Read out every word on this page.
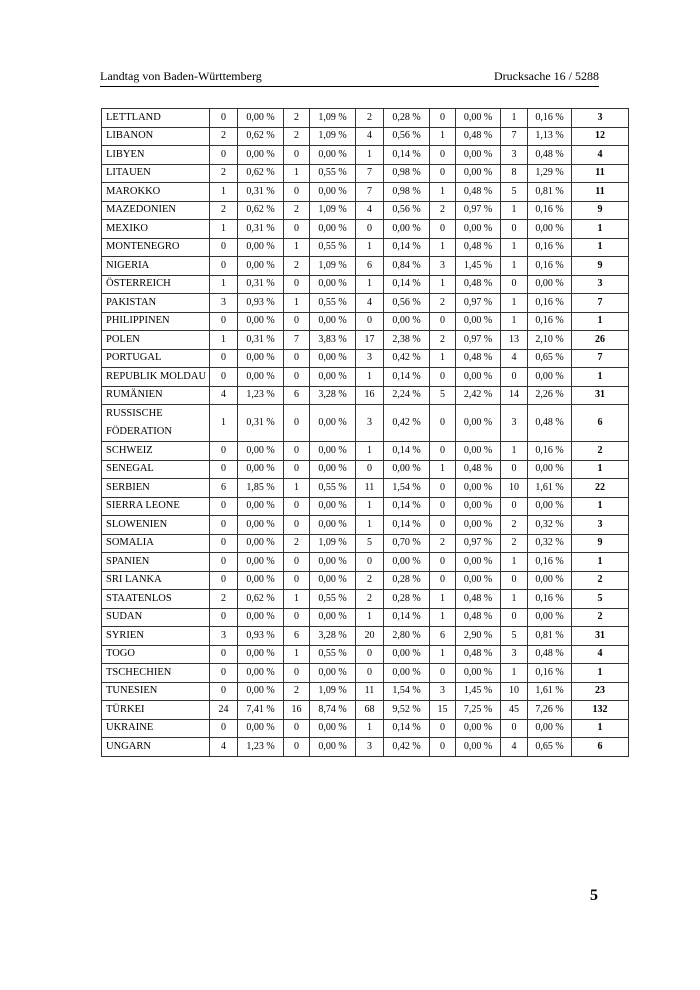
Landtag von Baden-Württemberg	Drucksache 16 / 5288
LETTLAND	0	0,00 %	2	1,09 %	2	0,28 %	0	0,00 %	1	0,16 %	3
LIBANON	2	0,62 %	2	1,09 %	4	0,56 %	1	0,48 %	7	1,13 %	12
LIBYEN	0	0,00 %	0	0,00 %	1	0,14 %	0	0,00 %	3	0,48 %	4
LITAUEN	2	0,62 %	1	0,55 %	7	0,98 %	0	0,00 %	8	1,29 %	11
MAROKKO	1	0,31 %	0	0,00 %	7	0,98 %	1	0,48 %	5	0,81 %	11
MAZEDONIEN	2	0,62 %	2	1,09 %	4	0,56 %	2	0,97 %	1	0,16 %	9
MEXIKO	1	0,31 %	0	0,00 %	0	0,00 %	0	0,00 %	0	0,00 %	1
MONTENEGRO	0	0,00 %	1	0,55 %	1	0,14 %	1	0,48 %	1	0,16 %	1
NIGERIA	0	0,00 %	2	1,09 %	6	0,84 %	3	1,45 %	1	0,16 %	9
ÖSTERREICH	1	0,31 %	0	0,00 %	1	0,14 %	1	0,48 %	0	0,00 %	3
PAKISTAN	3	0,93 %	1	0,55 %	4	0,56 %	2	0,97 %	1	0,16 %	7
PHILIPPINEN	0	0,00 %	0	0,00 %	0	0,00 %	0	0,00 %	1	0,16 %	1
POLEN	1	0,31 %	7	3,83 %	17	2,38 %	2	0,97 %	13	2,10 %	26
PORTUGAL	0	0,00 %	0	0,00 %	3	0,42 %	1	0,48 %	4	0,65 %	7
REPUBLIK MOLDAU	0	0,00 %	0	0,00 %	1	0,14 %	0	0,00 %	0	0,00 %	1
RUMÄNIEN	4	1,23 %	6	3,28 %	16	2,24 %	5	2,42 %	14	2,26 %	31
RUSSISCHE FÖDERATION	1	0,31 %	0	0,00 %	3	0,42 %	0	0,00 %	3	0,48 %	6
SCHWEIZ	0	0,00 %	0	0,00 %	1	0,14 %	0	0,00 %	1	0,16 %	2
SENEGAL	0	0,00 %	0	0,00 %	0	0,00 %	1	0,48 %	0	0,00 %	1
SERBIEN	6	1,85 %	1	0,55 %	11	1,54 %	0	0,00 %	10	1,61 %	22
SIERRA LEONE	0	0,00 %	0	0,00 %	1	0,14 %	0	0,00 %	0	0,00 %	1
SLOWENIEN	0	0,00 %	0	0,00 %	1	0,14 %	0	0,00 %	2	0,32 %	3
SOMALIA	0	0,00 %	2	1,09 %	5	0,70 %	2	0,97 %	2	0,32 %	9
SPANIEN	0	0,00 %	0	0,00 %	0	0,00 %	0	0,00 %	1	0,16 %	1
SRI LANKA	0	0,00 %	0	0,00 %	2	0,28 %	0	0,00 %	0	0,00 %	2
STAATENLOS	2	0,62 %	1	0,55 %	2	0,28 %	1	0,48 %	1	0,16 %	5
SUDAN	0	0,00 %	0	0,00 %	1	0,14 %	1	0,48 %	0	0,00 %	2
SYRIEN	3	0,93 %	6	3,28 %	20	2,80 %	6	2,90 %	5	0,81 %	31
TOGO	0	0,00 %	1	0,55 %	0	0,00 %	1	0,48 %	3	0,48 %	4
TSCHECHIEN	0	0,00 %	0	0,00 %	0	0,00 %	0	0,00 %	1	0,16 %	1
TUNESIEN	0	0,00 %	2	1,09 %	11	1,54 %	3	1,45 %	10	1,61 %	23
TÜRKEI	24	7,41 %	16	8,74 %	68	9,52 %	15	7,25 %	45	7,26 %	132
UKRAINE	0	0,00 %	0	0,00 %	1	0,14 %	0	0,00 %	0	0,00 %	1
UNGARN	4	1,23 %	0	0,00 %	3	0,42 %	0	0,00 %	4	0,65 %	6
5
